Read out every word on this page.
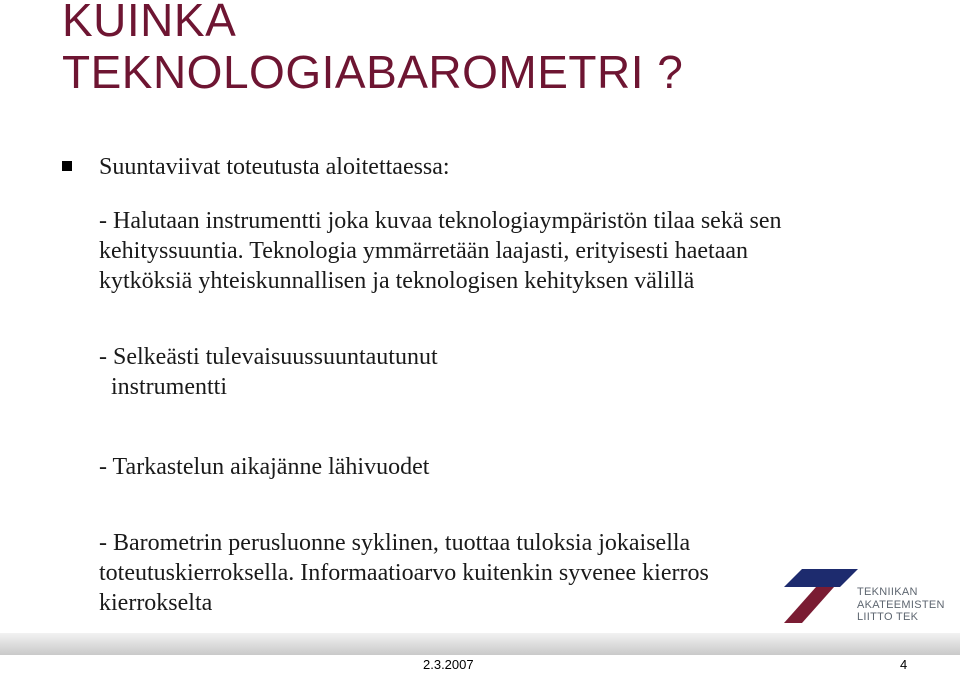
KUINKA
TEKNOLOGIABAROMETRI ?
Suuntaviivat toteutusta aloitettaessa:
- Halutaan instrumentti joka kuvaa teknologiaympäristön tilaa sekä sen
kehityssuuntia. Teknologia ymmärretään laajasti, erityisesti haetaan
kytköksiä yhteiskunnallisen ja teknologisen kehityksen välillä
- Selkeästi tulevaisuussuuntautunut
instrumentti
- Tarkastelun aikajänne lähivuodet
- Barometrin perusluonne syklinen, tuottaa tuloksia jokaisella
toteutuskierroksella. Informaatioarvo kuitenkin syvenee kierros
kierrokselta	TEKNIIKAN
AKATEEMISTEN
LIITTO TEK
2.3.2007	4
